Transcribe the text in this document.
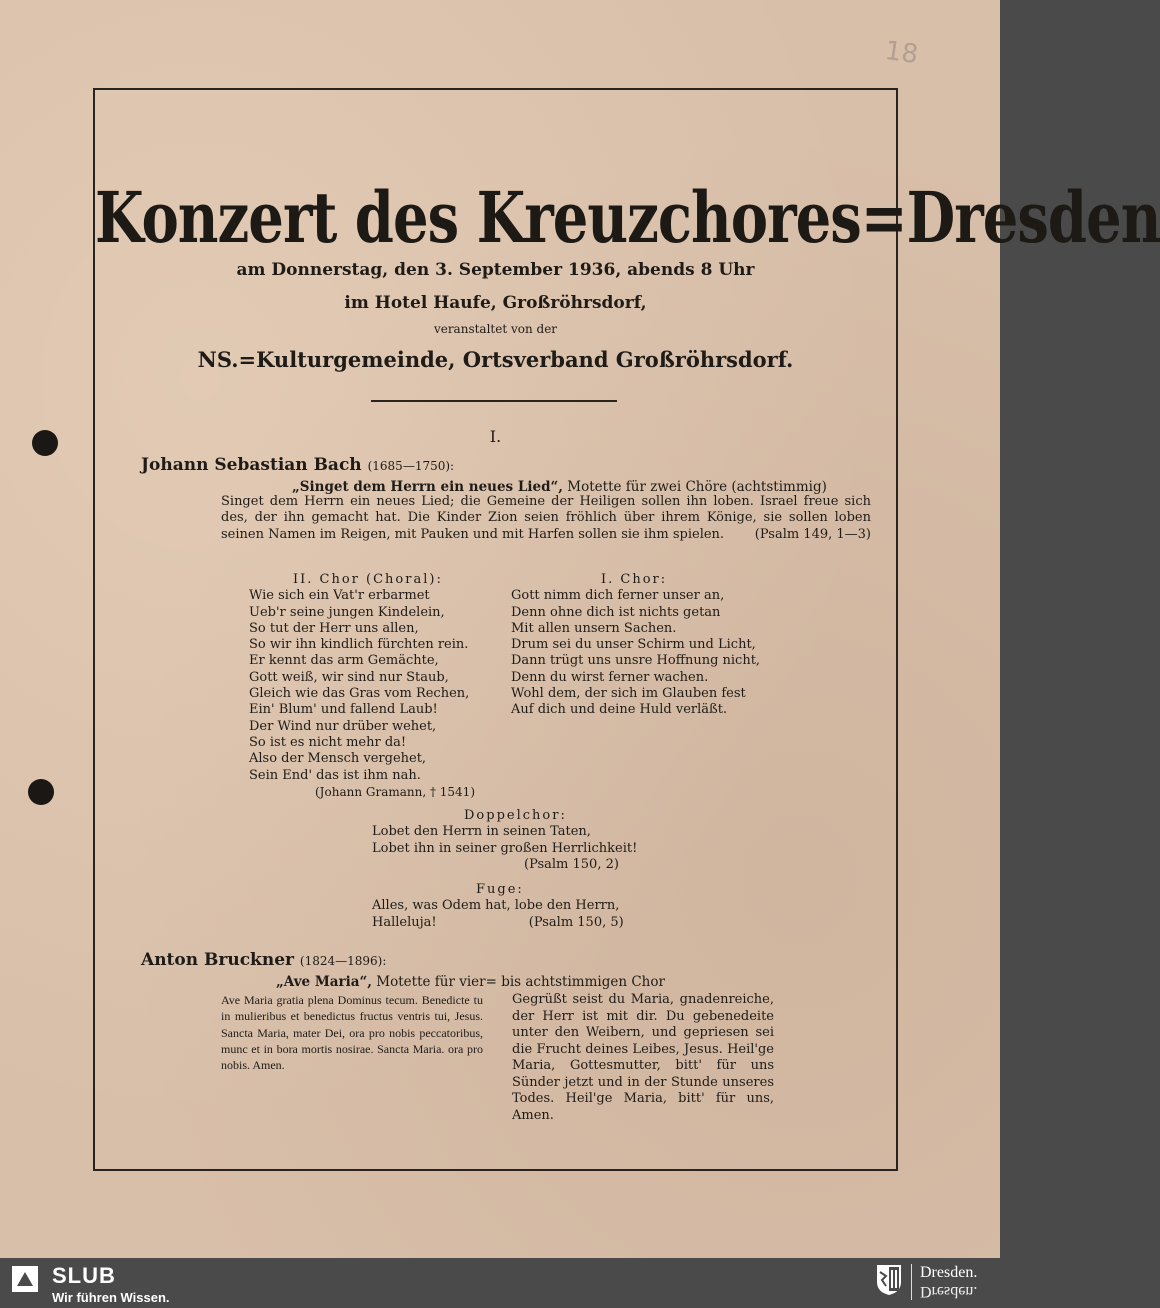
18
Konzert des Kreuzchores=Dresden
am Donnerstag, den 3. September 1936, abends 8 Uhr
im Hotel Haufe, Großröhrsdorf,
veranstaltet von der
NS.=Kulturgemeinde, Ortsverband Großröhrsdorf.
I.
Johann Sebastian Bach (1685—1750):
„Singet dem Herrn ein neues Lied“, Motette für zwei Chöre (achtstimmig)
Singet dem Herrn ein neues Lied; die Gemeine der Heiligen sollen ihn loben. Israel freue sich des, der ihn gemacht hat. Die Kinder Zion seien fröhlich über ihrem Könige, sie sollen loben seinen Namen im Reigen, mit Pauken und mit Harfen sollen sie ihm spielen.	(Psalm 149, 1—3)
II. Chor (Choral):
Wie sich ein Vat'r erbarmet
Ueb'r seine jungen Kindelein,
So tut der Herr uns allen,
So wir ihn kindlich fürchten rein.
Er kennt das arm Gemächte,
Gott weiß, wir sind nur Staub,
Gleich wie das Gras vom Rechen,
Ein' Blum' und fallend Laub!
Der Wind nur drüber wehet,
So ist es nicht mehr da!
Also der Mensch vergehet,
Sein End' das ist ihm nah.
(Johann Gramann, † 1541)
I. Chor:
Gott nimm dich ferner unser an,
Denn ohne dich ist nichts getan
Mit allen unsern Sachen.
Drum sei du unser Schirm und Licht,
Dann trügt uns unsre Hoffnung nicht,
Denn du wirst ferner wachen.
Wohl dem, der sich im Glauben fest
Auf dich und deine Huld verläßt.
Doppelchor:
Lobet den Herrn in seinen Taten,
Lobet ihn in seiner großen Herrlichkeit!
(Psalm 150, 2)
Fuge:
Alles, was Odem hat, lobe den Herrn,
Halleluja!	(Psalm 150, 5)
Anton Bruckner (1824—1896):
„Ave Maria“, Motette für vier= bis achtstimmigen Chor
Ave Maria gratia plena Dominus tecum. Benedicte tu in mulieribus et benedictus fructus ventris tui, Jesus. Sancta Maria, mater Dei, ora pro nobis peccatoribus, munc et in bora mortis nosirae. Sancta Maria. ora pro nobis. Amen.
Gegrüßt seist du Maria, gnadenreiche, der Herr ist mit dir. Du gebenedeite unter den Weibern, und gepriesen sei die Frucht deines Leibes, Jesus. Heil'ge Maria, Gottesmutter, bitt' für uns Sünder jetzt und in der Stunde unseres Todes. Heil'ge Maria, bitt' für uns, Amen.
SLUB
Wir führen Wissen.
Dresden.
Dresden.
